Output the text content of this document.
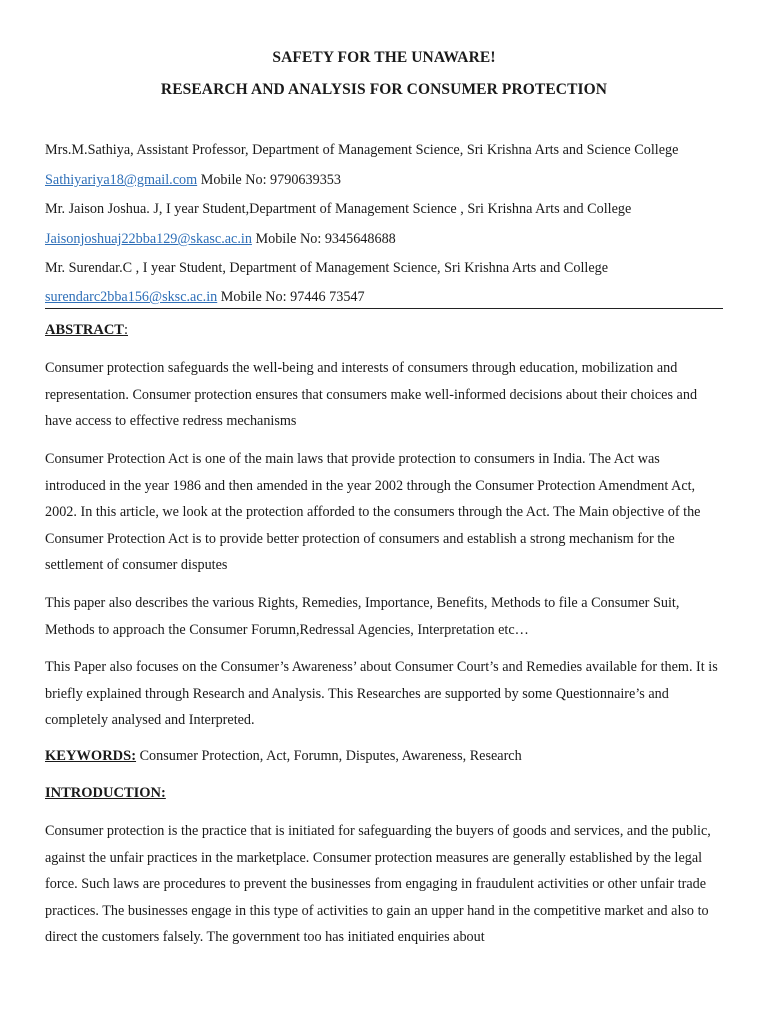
SAFETY FOR THE UNAWARE!
RESEARCH AND ANALYSIS FOR CONSUMER PROTECTION
Mrs.M.Sathiya, Assistant Professor, Department of Management Science, Sri Krishna Arts and Science College
Sathiyariya18@gmail.com Mobile No: 9790639353
Mr. Jaison Joshua. J, I year Student,Department of Management Science , Sri Krishna Arts and College
Jaisonjoshuaj22bba129@skasc.ac.in Mobile No: 9345648688
Mr. Surendar.C , I year Student, Department of Management Science, Sri Krishna Arts and College
surendarc2bba156@sksc.ac.in Mobile No: 97446 73547
ABSTRACT:
Consumer protection safeguards the well-being and interests of consumers through education, mobilization and representation. Consumer protection ensures that consumers make well-informed decisions about their choices and have access to effective redress mechanisms
Consumer Protection Act is one of the main laws that provide protection to consumers in India. The Act was introduced in the year 1986 and then amended in the year 2002 through the Consumer Protection Amendment Act, 2002. In this article, we look at the protection afforded to the consumers through the Act. The Main objective of the Consumer Protection Act is to provide better protection of consumers and establish a strong mechanism for the settlement of consumer disputes
This paper also describes the various Rights, Remedies, Importance, Benefits, Methods to file a Consumer Suit, Methods to approach the Consumer Forumn,Redressal Agencies, Interpretation etc…
This Paper also focuses on the Consumer’s Awareness’ about Consumer Court’s and Remedies available for them. It is briefly explained through Research and Analysis. This Researches are supported by some Questionnaire’s and completely analysed and Interpreted.
KEYWORDS: Consumer Protection, Act, Forumn, Disputes, Awareness, Research
INTRODUCTION:
Consumer protection is the practice that is initiated for safeguarding the buyers of goods and services, and the public, against the unfair practices in the marketplace. Consumer protection measures are generally established by the legal force. Such laws are procedures to prevent the businesses from engaging in fraudulent activities or other unfair trade practices. The businesses engage in this type of activities to gain an upper hand in the competitive market and also to direct the customers falsely. The government too has initiated enquiries about
